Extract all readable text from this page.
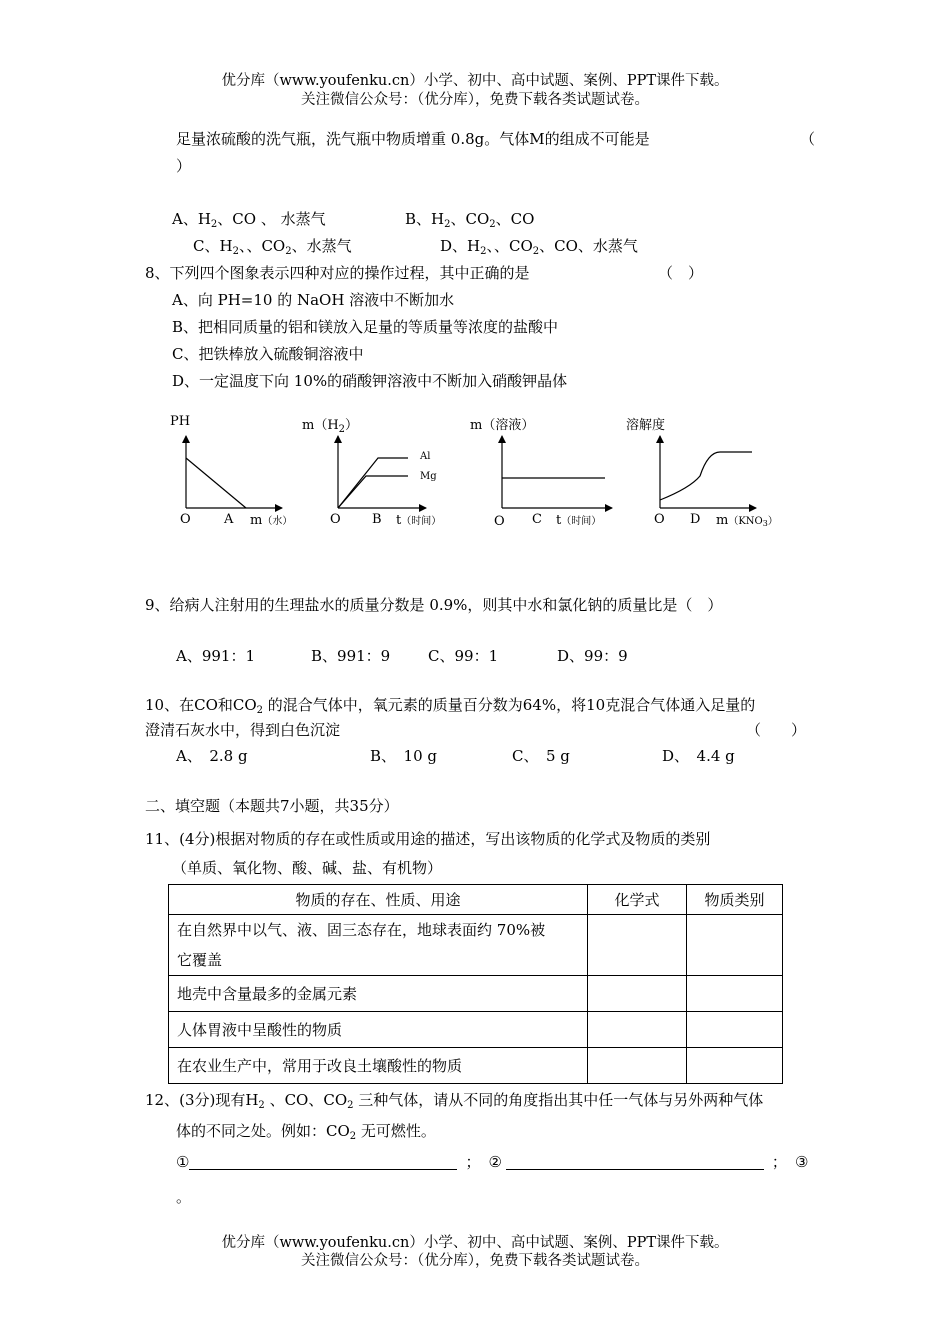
优分库（www.youfenku.cn）小学、初中、高中试题、案例、PPT课件下载。
关注微信公众号：（优分库），免费下载各类试题试卷。
足量浓硫酸的洗气瓶，洗气瓶中物质增重 0.8g。气体M的组成不可能是	（
）
A、$H_2$、CO 、 水蒸气	B、$H_2$、$CO_2$、CO
C、$H_2$、、$CO_2$、水蒸气	D、$H_2$、、$CO_2$、CO、水蒸气
8、下列四个图象表示四种对应的操作过程，其中正确的是	（　）
A、向 PH=10 的 NaOH 溶液中不断加水
B、把相同质量的铝和镁放入足量的等质量等浓度的盐酸中
C、把铁棒放入硫酸铜溶液中
D、一定温度下向 10%的硝酸钾溶液中不断加入硝酸钾晶体
PH
O	A m（水）
$m(H_2)$
Al
Mg
O B t（时间）
m（溶液）
O C t（时间）
溶解度
O D m（KNO3）
9、给病人注射用的生理盐水的质量分数是 0.9%，则其中水和氯化钠的质量比是（　）
A、991：1	B、991：9	C、99：1	D、99：9
10、在CO和$CO_2$ 的混合气体中，氧元素的质量百分数为64%，将10克混合气体通入足量的
澄清石灰水中，得到白色沉淀	（　　）
A、　2.8 g	B、　10 g	C、　5 g	D、　4.4 g
二、填空题（本题共7小题，共35分）
11、(4分)根据对物质的存在或性质或用途的描述，写出该物质的化学式及物质的类别
（单质、氧化物、酸、碱、盐、有机物）
物质的存在、性质、用途	化学式	物质类别

在自然界中以气、液、固三态存在，地球表面约 70%被
它覆盖		

地壳中含量最多的金属元素		
人体胃液中呈酸性的物质		
在农业生产中，常用于改良土壤酸性的物质		
12、(3分)现有$H_2$ 、CO、$CO_2$ 三种气体，请从不同的角度指出其中任一气体与另外两种气体
体的不同之处。例如：$CO_2$ 无可燃性。
①	； ②	； ③
。
优分库（www.youfenku.cn）小学、初中、高中试题、案例、PPT课件下载。
关注微信公众号：（优分库），免费下载各类试题试卷。
